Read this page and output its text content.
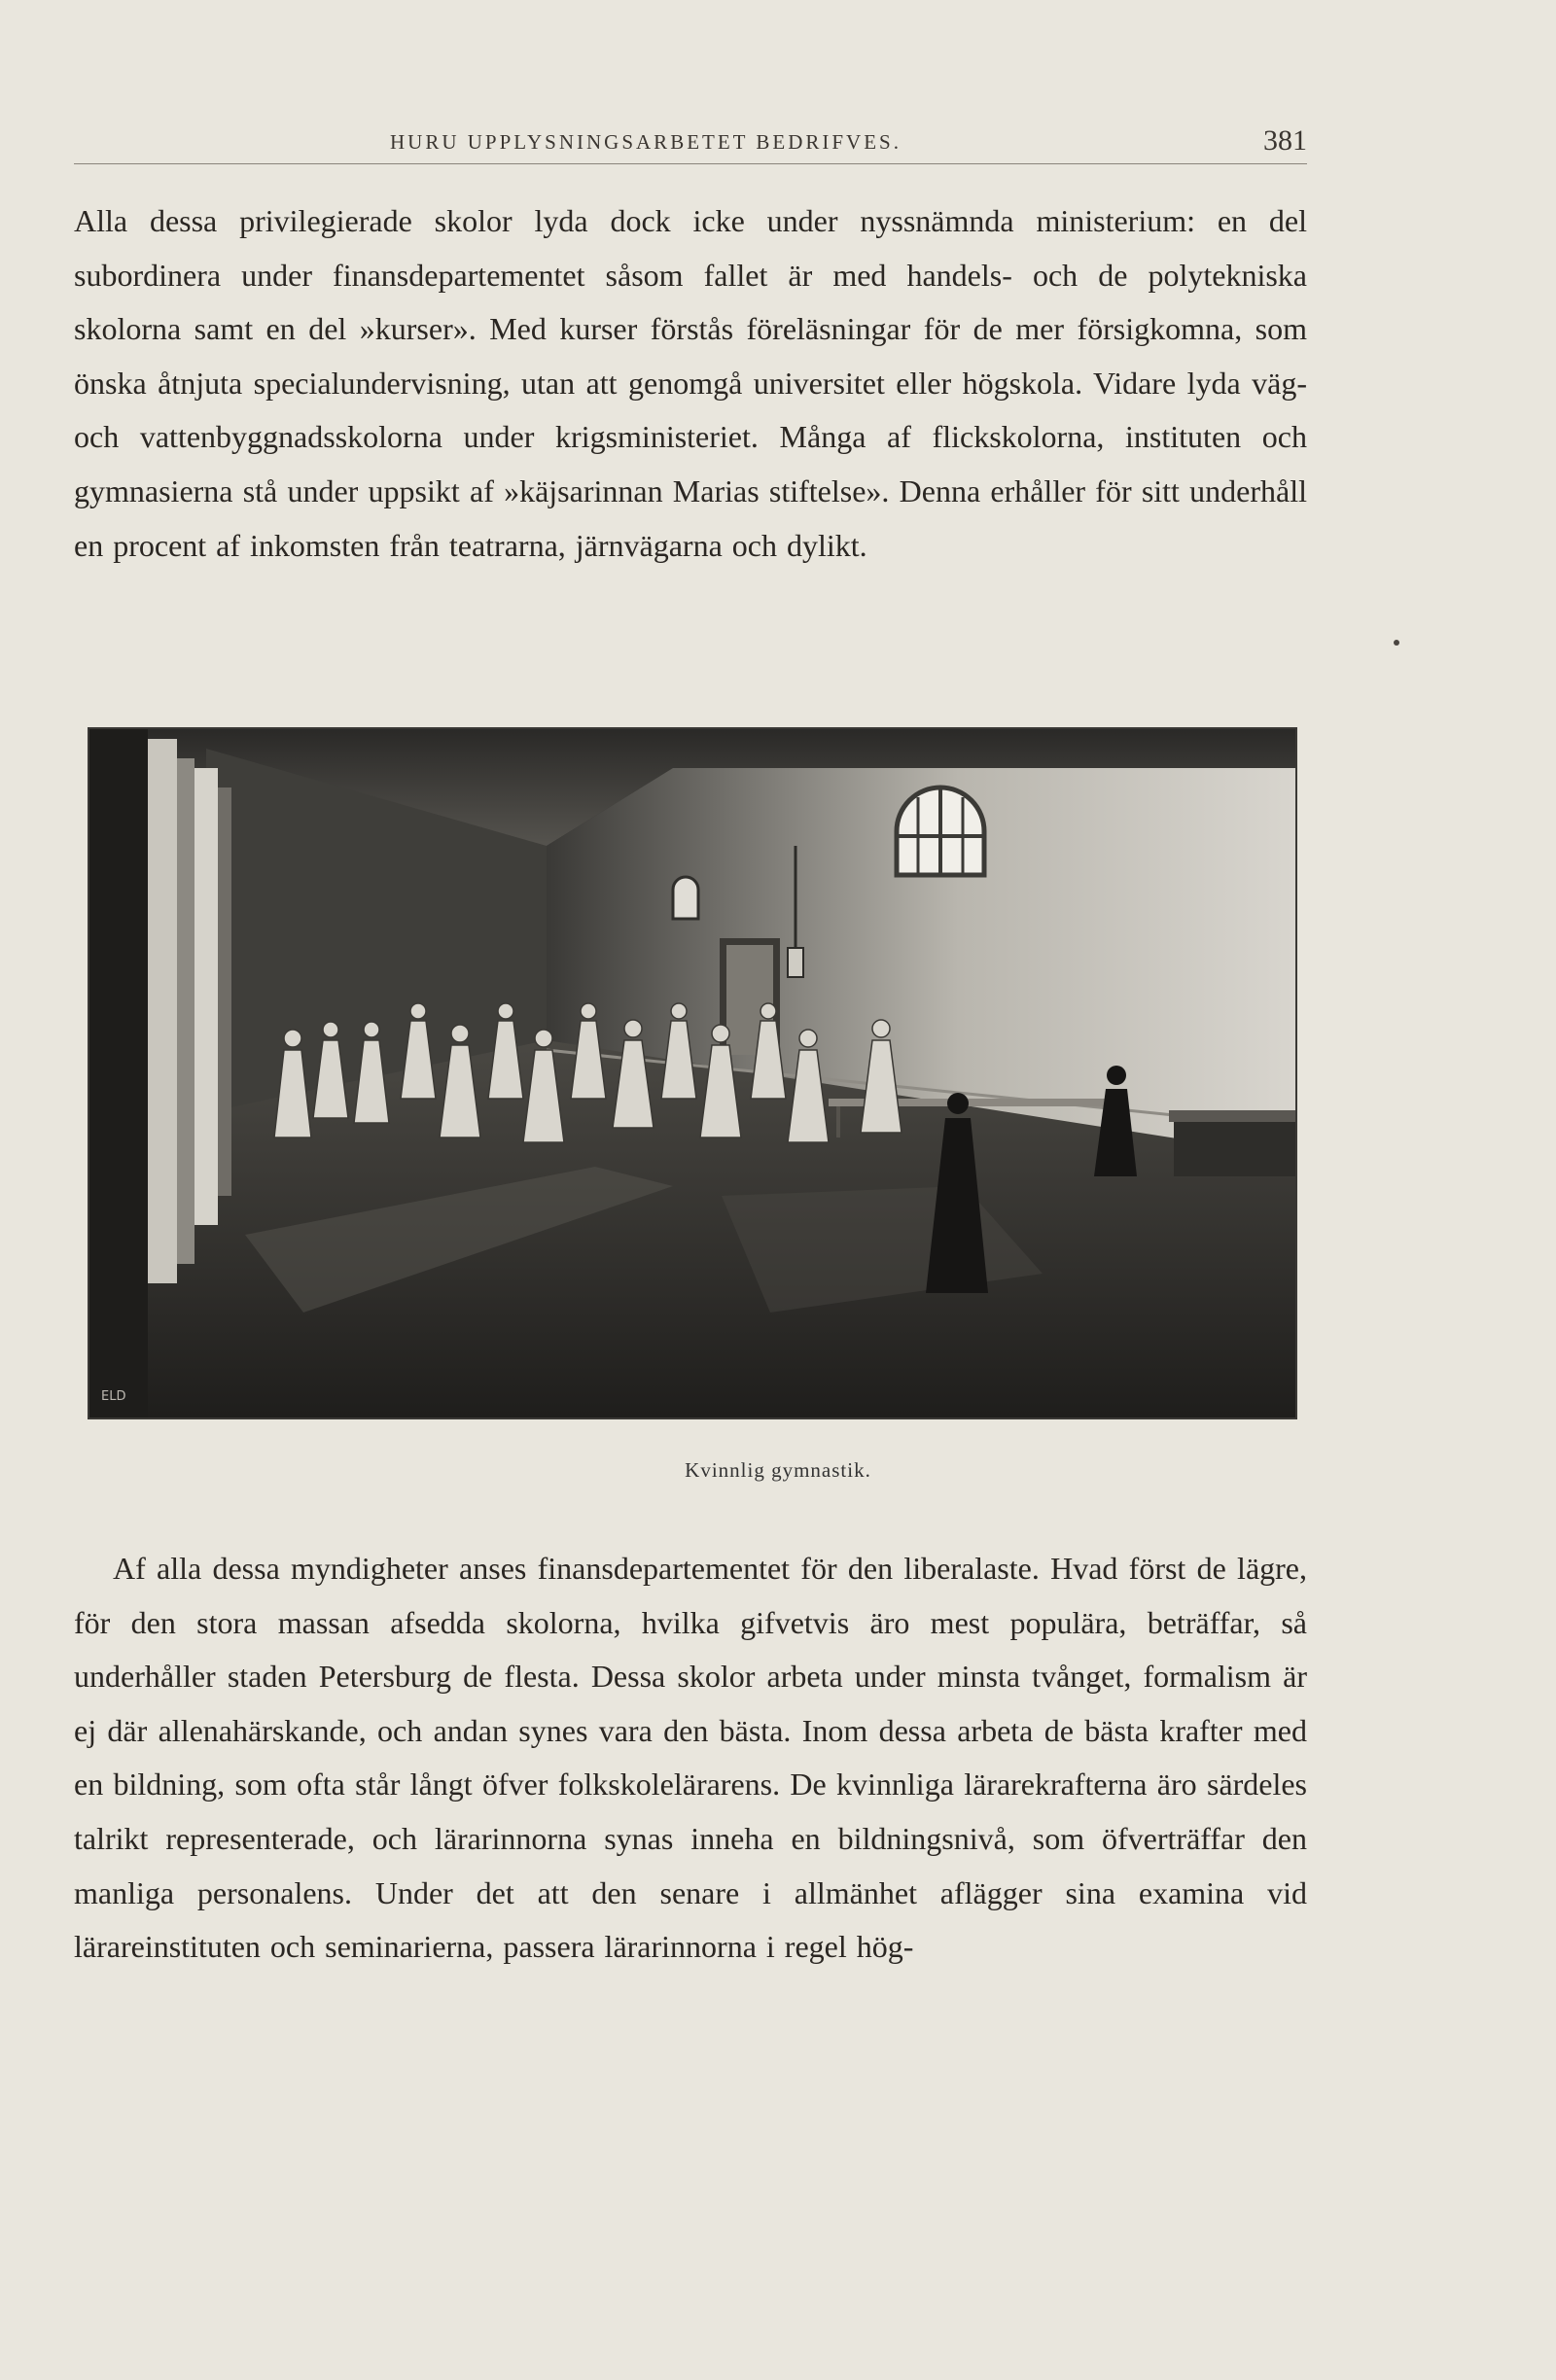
HURU UPPLYSNINGSARBETET BEDRIFVES.	381

Alla dessa privilegierade skolor lyda dock icke under nyssnämnda ministerium: en del subordinera under finansdepartementet såsom fallet är med handels- och de polytekniska skolorna samt en del »kurser». Med kurser förstås föreläsningar för de mer försigkomna, som önska åtnjuta specialundervisning, utan att genomgå universitet eller högskola. Vidare lyda väg- och vattenbyggnadsskolorna under krigsministeriet. Många af flickskolorna, instituten och gymnasierna stå under uppsikt af »käjsarinnan Marias stiftelse». Denna erhåller för sitt underhåll en procent af inkomsten från teatrarna, järnvägarna och dylikt.

ELD
Kvinnlig gymnastik.

Af alla dessa myndigheter anses finansdepartementet för den liberalaste. Hvad först de lägre, för den stora massan afsedda skolorna, hvilka gifvetvis äro mest populära, beträffar, så underhåller staden Petersburg de flesta. Dessa skolor arbeta under minsta tvånget, formalism är ej där allenahärskande, och andan synes vara den bästa. Inom dessa arbeta de bästa krafter med en bildning, som ofta står långt öfver folkskolelärarens. De kvinnliga lärarekrafterna äro särdeles talrikt representerade, och lärarinnorna synas inneha en bildningsnivå, som öfverträffar den manliga personalens. Under det att den senare i allmänhet aflägger sina examina vid lärareinstituten och seminarierna, passera lärarinnorna i regel hög-
